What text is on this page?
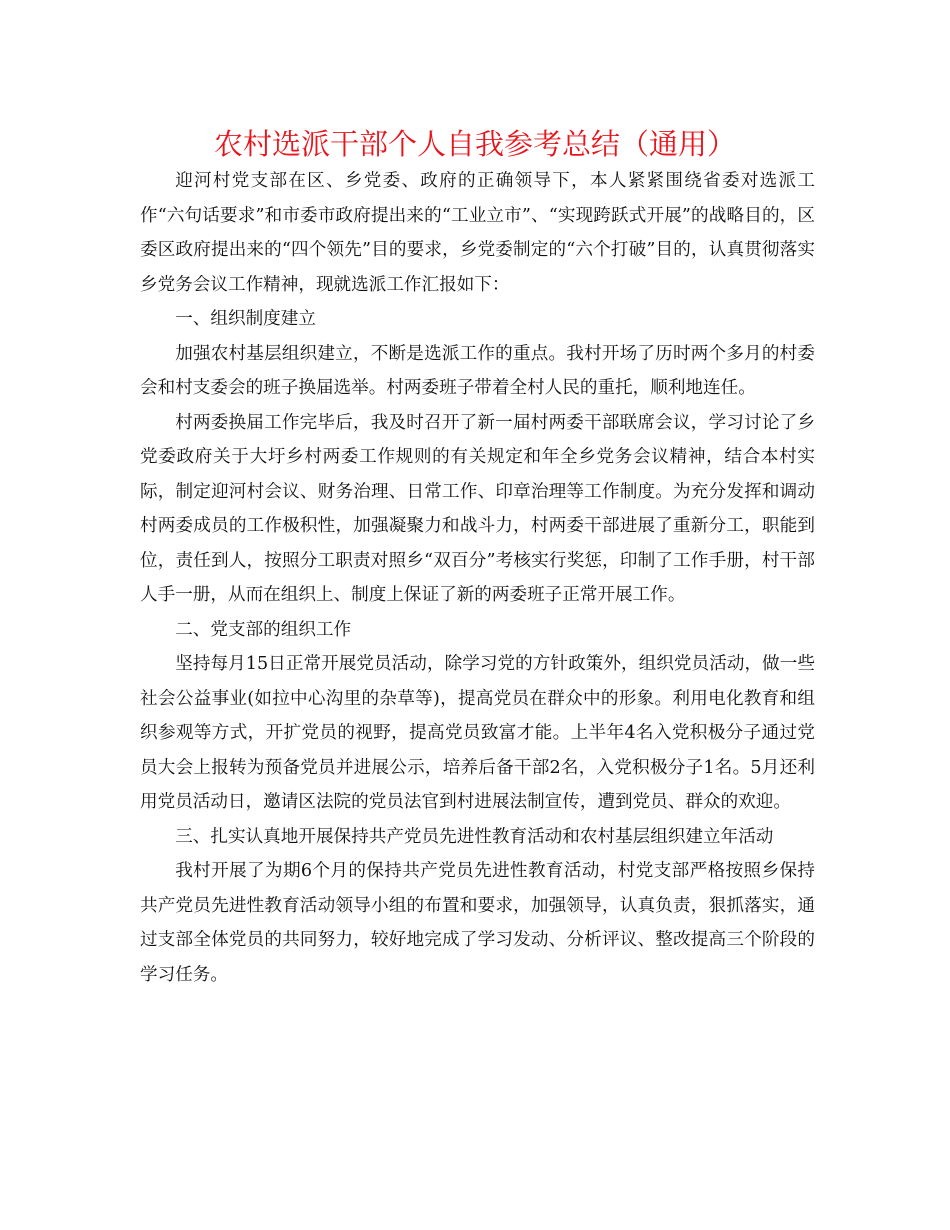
农村选派干部个人自我参考总结（通用）

迎河村党支部在区、乡党委、政府的正确领导下，本人紧紧围绕省委对选派工作“六句话要求”和市委市政府提出来的“工业立市”、“实现跨跃式开展”的战略目的，区委区政府提出来的“四个领先”目的要求，乡党委制定的“六个打破”目的，认真贯彻落实乡党务会议工作精神，现就选派工作汇报如下：

一、组织制度建立

加强农村基层组织建立，不断是选派工作的重点。我村开场了历时两个多月的村委会和村支委会的班子换届选举。村两委班子带着全村人民的重托，顺利地连任。

村两委换届工作完毕后，我及时召开了新一届村两委干部联席会议，学习讨论了乡党委政府关于大圩乡村两委工作规则的有关规定和年全乡党务会议精神，结合本村实际，制定迎河村会议、财务治理、日常工作、印章治理等工作制度。为充分发挥和调动村两委成员的工作极积性，加强凝聚力和战斗力，村两委干部进展了重新分工，职能到位，责任到人，按照分工职责对照乡“双百分”考核实行奖惩，印制了工作手册，村干部人手一册，从而在组织上、制度上保证了新的两委班子正常开展工作。

二、党支部的组织工作

坚持每月15日正常开展党员活动，除学习党的方针政策外，组织党员活动，做一些社会公益事业(如拉中心沟里的杂草等)，提高党员在群众中的形象。利用电化教育和组织参观等方式，开扩党员的视野，提高党员致富才能。上半年4名入党积极分子通过党员大会上报转为预备党员并进展公示，培养后备干部2名，入党积极分子1名。5月还利用党员活动日，邀请区法院的党员法官到村进展法制宣传，遭到党员、群众的欢迎。

三、扎实认真地开展保持共产党员先进性教育活动和农村基层组织建立年活动

我村开展了为期6个月的保持共产党员先进性教育活动，村党支部严格按照乡保持共产党员先进性教育活动领导小组的布置和要求，加强领导，认真负责，狠抓落实，通过支部全体党员的共同努力，较好地完成了学习发动、分析评议、整改提高三个阶段的学习任务。
